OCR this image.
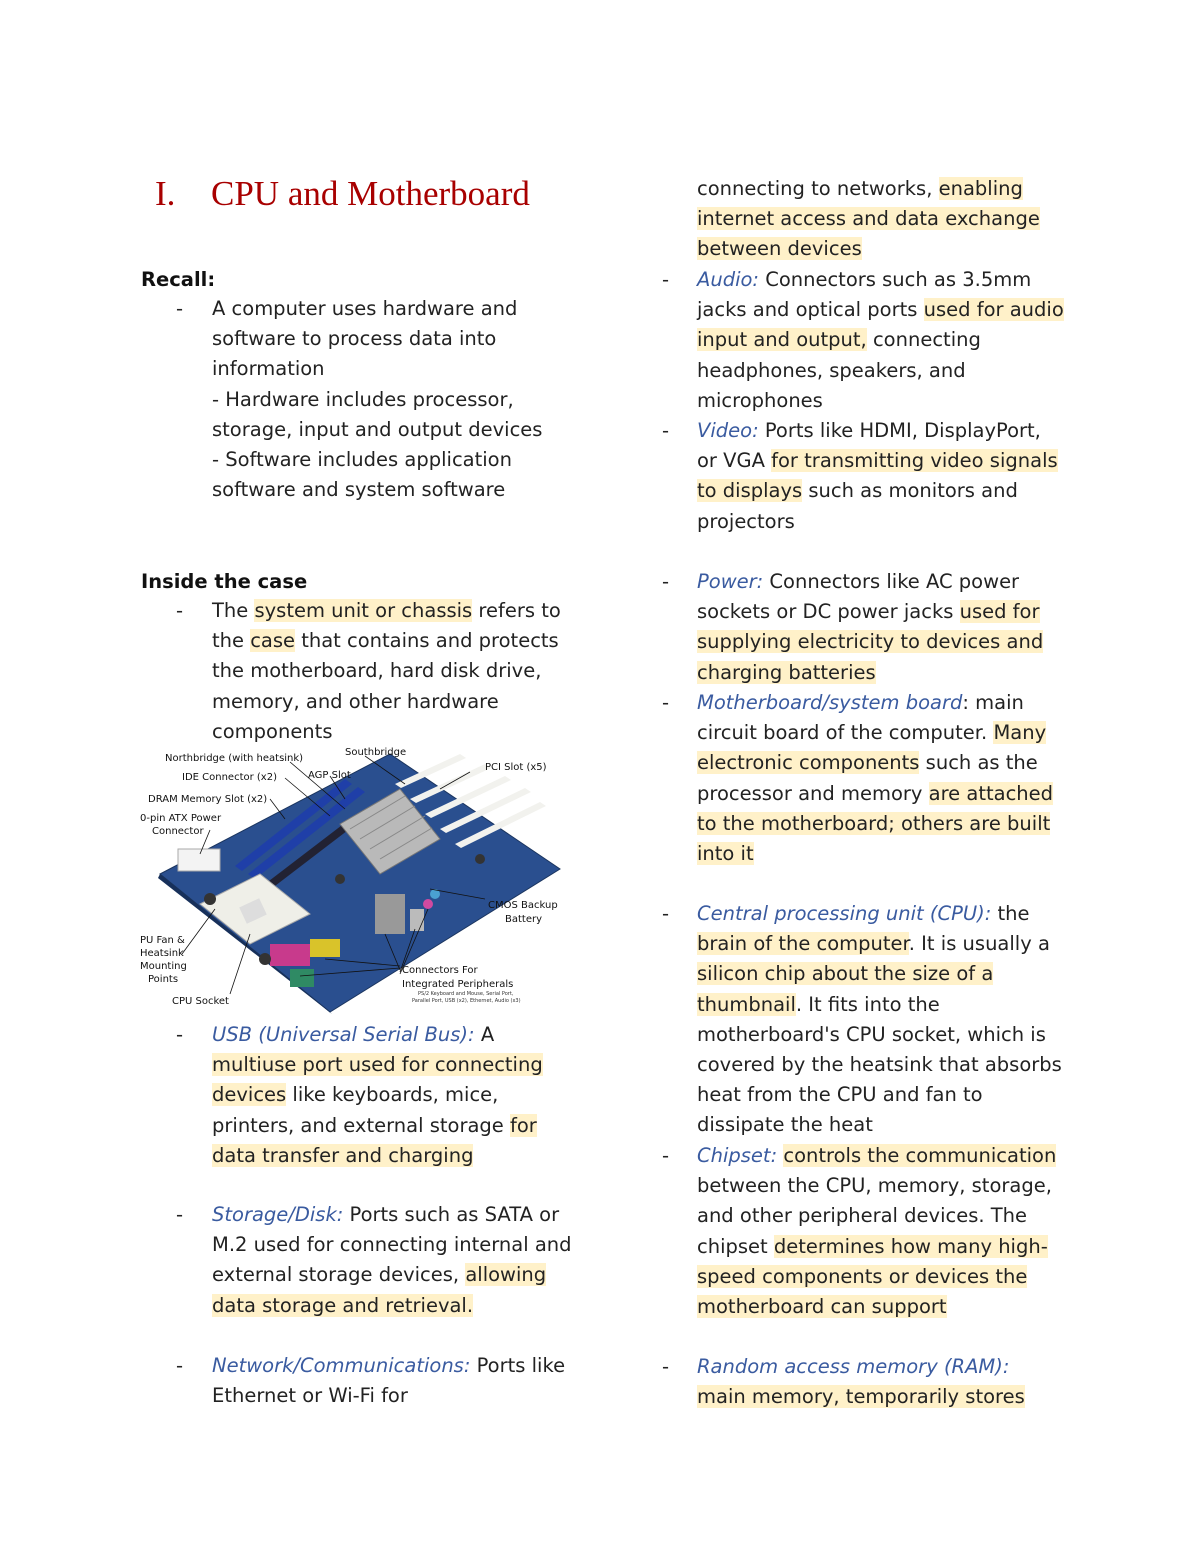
I. CPU and Motherboard
Recall:
- A computer uses hardware and software to process data into information
- Hardware includes processor, storage, input and output devices
- Software includes application software and system software
Inside the case
- The system unit or chassis refers to the case that contains and protects the motherboard, hard disk drive, memory, and other hardware components
Northbridge (with heatsink)
Southbridge
IDE Connector (x2)	AGP Slot
PCI Slot (x5)
DRAM Memory Slot (x2)
0-pin ATX Power
Connector
CMOS Backup
Battery
PU Fan &
Heatsink
Mounting
Points
CPU Socket
Connectors For
Integrated Peripherals
PS/2 Keyboard and Mouse, Serial Port,
Parallel Port, USB (x2), Ethernet, Audio (x3)
- USB (Universal Serial Bus): A multiuse port used for connecting devices like keyboards, mice, printers, and external storage for data transfer and charging
- Storage/Disk: Ports such as SATA or M.2 used for connecting internal and external storage devices, allowing data storage and retrieval.
- Network/Communications: Ports like Ethernet or Wi-Fi for
connecting to networks, enabling internet access and data exchange between devices
- Audio: Connectors such as 3.5mm jacks and optical ports used for audio input and output, connecting headphones, speakers, and microphones
- Video: Ports like HDMI, DisplayPort, or VGA for transmitting video signals to displays such as monitors and projectors
- Power: Connectors like AC power sockets or DC power jacks used for supplying electricity to devices and charging batteries
- Motherboard/system board: main circuit board of the computer. Many electronic components such as the processor and memory are attached to the motherboard; others are built into it
- Central processing unit (CPU): the brain of the computer. It is usually a silicon chip about the size of a thumbnail. It fits into the motherboard's CPU socket, which is covered by the heatsink that absorbs heat from the CPU and fan to dissipate the heat
- Chipset: controls the communication between the CPU, memory, storage, and other peripheral devices. The chipset determines how many high-speed components or devices the motherboard can support
- Random access memory (RAM):
main memory, temporarily stores
